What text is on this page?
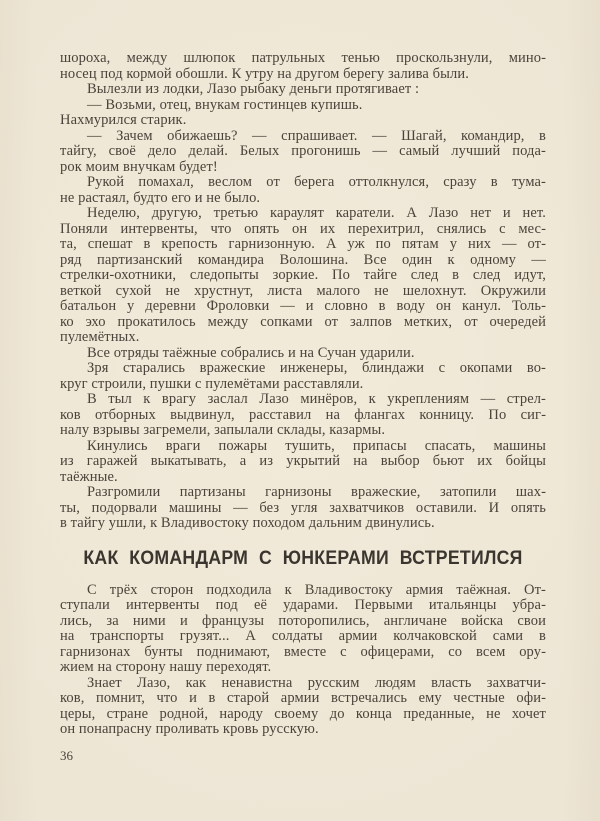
шороха, между шлюпок патрульных тенью проскользнули, мино-
носец под кормой обошли. К утру на другом берегу залива были.
Вылезли из лодки, Лазо рыбаку деньги протягивает :
— Возьми, отец, внукам гостинцев купишь.
Нахмурился старик.
— Зачем обижаешь? — спрашивает. — Шагай, командир, в
тайгу, своё дело делай. Белых прогонишь — самый лучший пода-
рок моим внучкам будет!
Рукой помахал, веслом от берега оттолкнулся, сразу в тума-
не растаял, будто его и не было.
Неделю, другую, третью караулят каратели. А Лазо нет и нет.
Поняли интервенты, что опять он их перехитрил, снялись с мес-
та, спешат в крепость гарнизонную. А уж по пятам у них — от-
ряд партизанский командира Волошина. Все один к одному —
стрелки-охотники, следопыты зоркие. По тайге след в след идут,
веткой сухой не хрустнут, листа малого не шелохнут. Окружили
батальон у деревни Фроловки — и словно в воду он канул. Толь-
ко эхо прокатилось между сопками от залпов метких, от очередей
пулемётных.
Все отряды таёжные собрались и на Сучан ударили.
Зря старались вражеские инженеры, блиндажи с окопами во-
круг строили, пушки с пулемётами расставляли.
В тыл к врагу заслал Лазо минёров, к укреплениям — стрел-
ков отборных выдвинул, расставил на флангах конницу. По сиг-
налу взрывы загремели, запылали склады, казармы.
Кинулись враги пожары тушить, припасы спасать, машины
из гаражей выкатывать, а из укрытий на выбор бьют их бойцы
таёжные.
Разгромили партизаны гарнизоны вражеские, затопили шах-
ты, подорвали машины — без угля захватчиков оставили. И опять
в тайгу ушли, к Владивостоку походом дальним двинулись.
КАК КОМАНДАРМ С ЮНКЕРАМИ ВСТРЕТИЛСЯ
С трёх сторон подходила к Владивостоку армия таёжная. От-
ступали интервенты под её ударами. Первыми итальянцы убра-
лись, за ними и французы поторопились, англичане войска свои
на транспорты грузят... А солдаты армии колчаковской сами в
гарнизонах бунты поднимают, вместе с офицерами, со всем ору-
жием на сторону нашу переходят.
Знает Лазо, как ненавистна русским людям власть захватчи-
ков, помнит, что и в старой армии встречались ему честные офи-
церы, стране родной, народу своему до конца преданные, не хочет
он понапрасну проливать кровь русскую.
36
